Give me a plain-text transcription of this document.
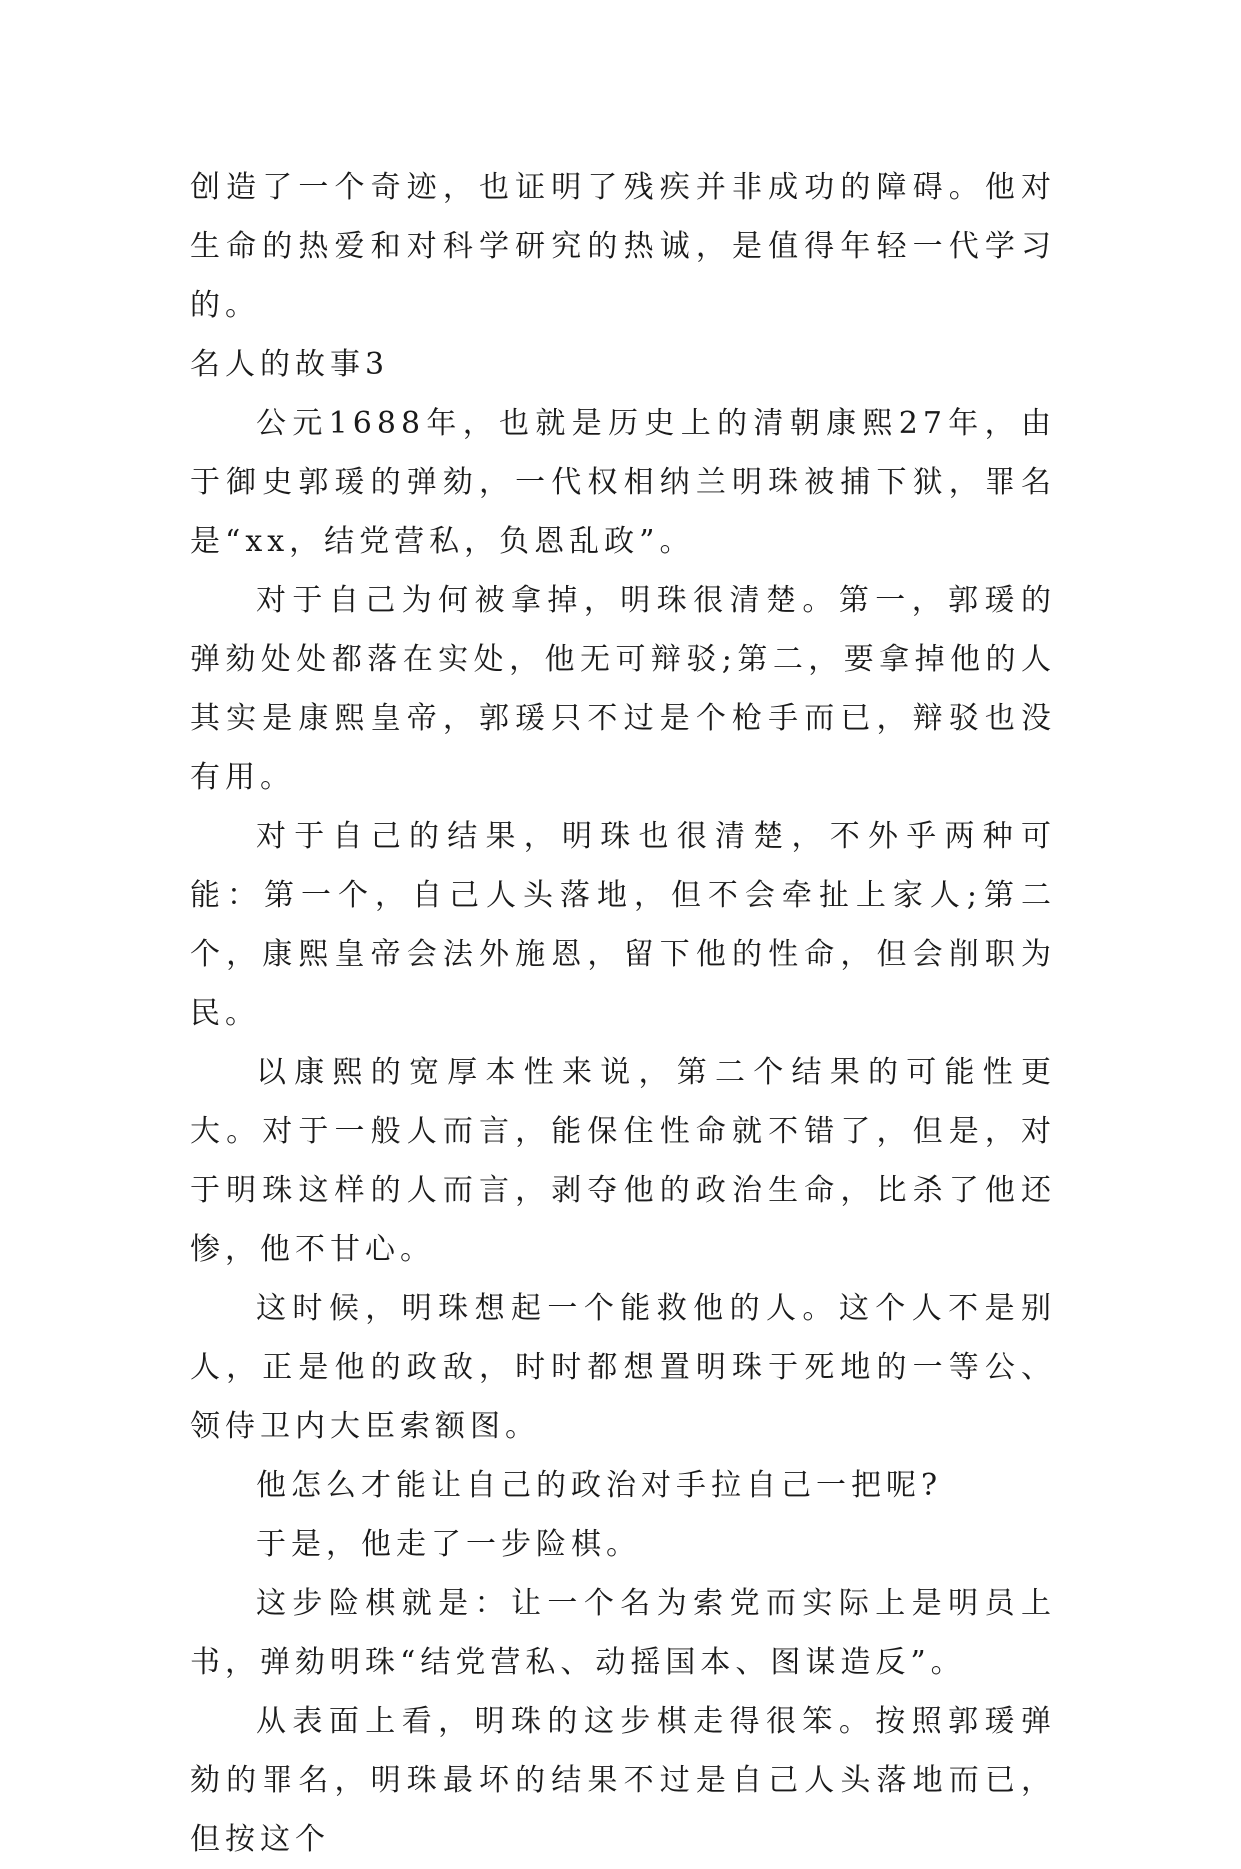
创造了一个奇迹，也证明了残疾并非成功的障碍。他对生命的热爱和对科学研究的热诚，是值得年轻一代学习的。

名人的故事3

公元1688年，也就是历史上的清朝康熙27年，由于御史郭瑗的弹劾，一代权相纳兰明珠被捕下狱，罪名是“xx，结党营私，负恩乱政”。

对于自己为何被拿掉，明珠很清楚。第一，郭瑗的弹劾处处都落在实处，他无可辩驳;第二，要拿掉他的人其实是康熙皇帝，郭瑗只不过是个枪手而已，辩驳也没有用。

对于自己的结果，明珠也很清楚，不外乎两种可能：第一个，自己人头落地，但不会牵扯上家人;第二个，康熙皇帝会法外施恩，留下他的性命，但会削职为民。

以康熙的宽厚本性来说，第二个结果的可能性更大。对于一般人而言，能保住性命就不错了，但是，对于明珠这样的人而言，剥夺他的政治生命，比杀了他还惨，他不甘心。

这时候，明珠想起一个能救他的人。这个人不是别人，正是他的政敌，时时都想置明珠于死地的一等公、领侍卫内大臣索额图。

他怎么才能让自己的政治对手拉自己一把呢?

于是，他走了一步险棋。

这步险棋就是：让一个名为索党而实际上是明员上书，弹劾明珠“结党营私、动摇国本、图谋造反”。

从表面上看，明珠的这步棋走得很笨。按照郭瑗弹劾的罪名，明珠最坏的结果不过是自己人头落地而已，但按这个
